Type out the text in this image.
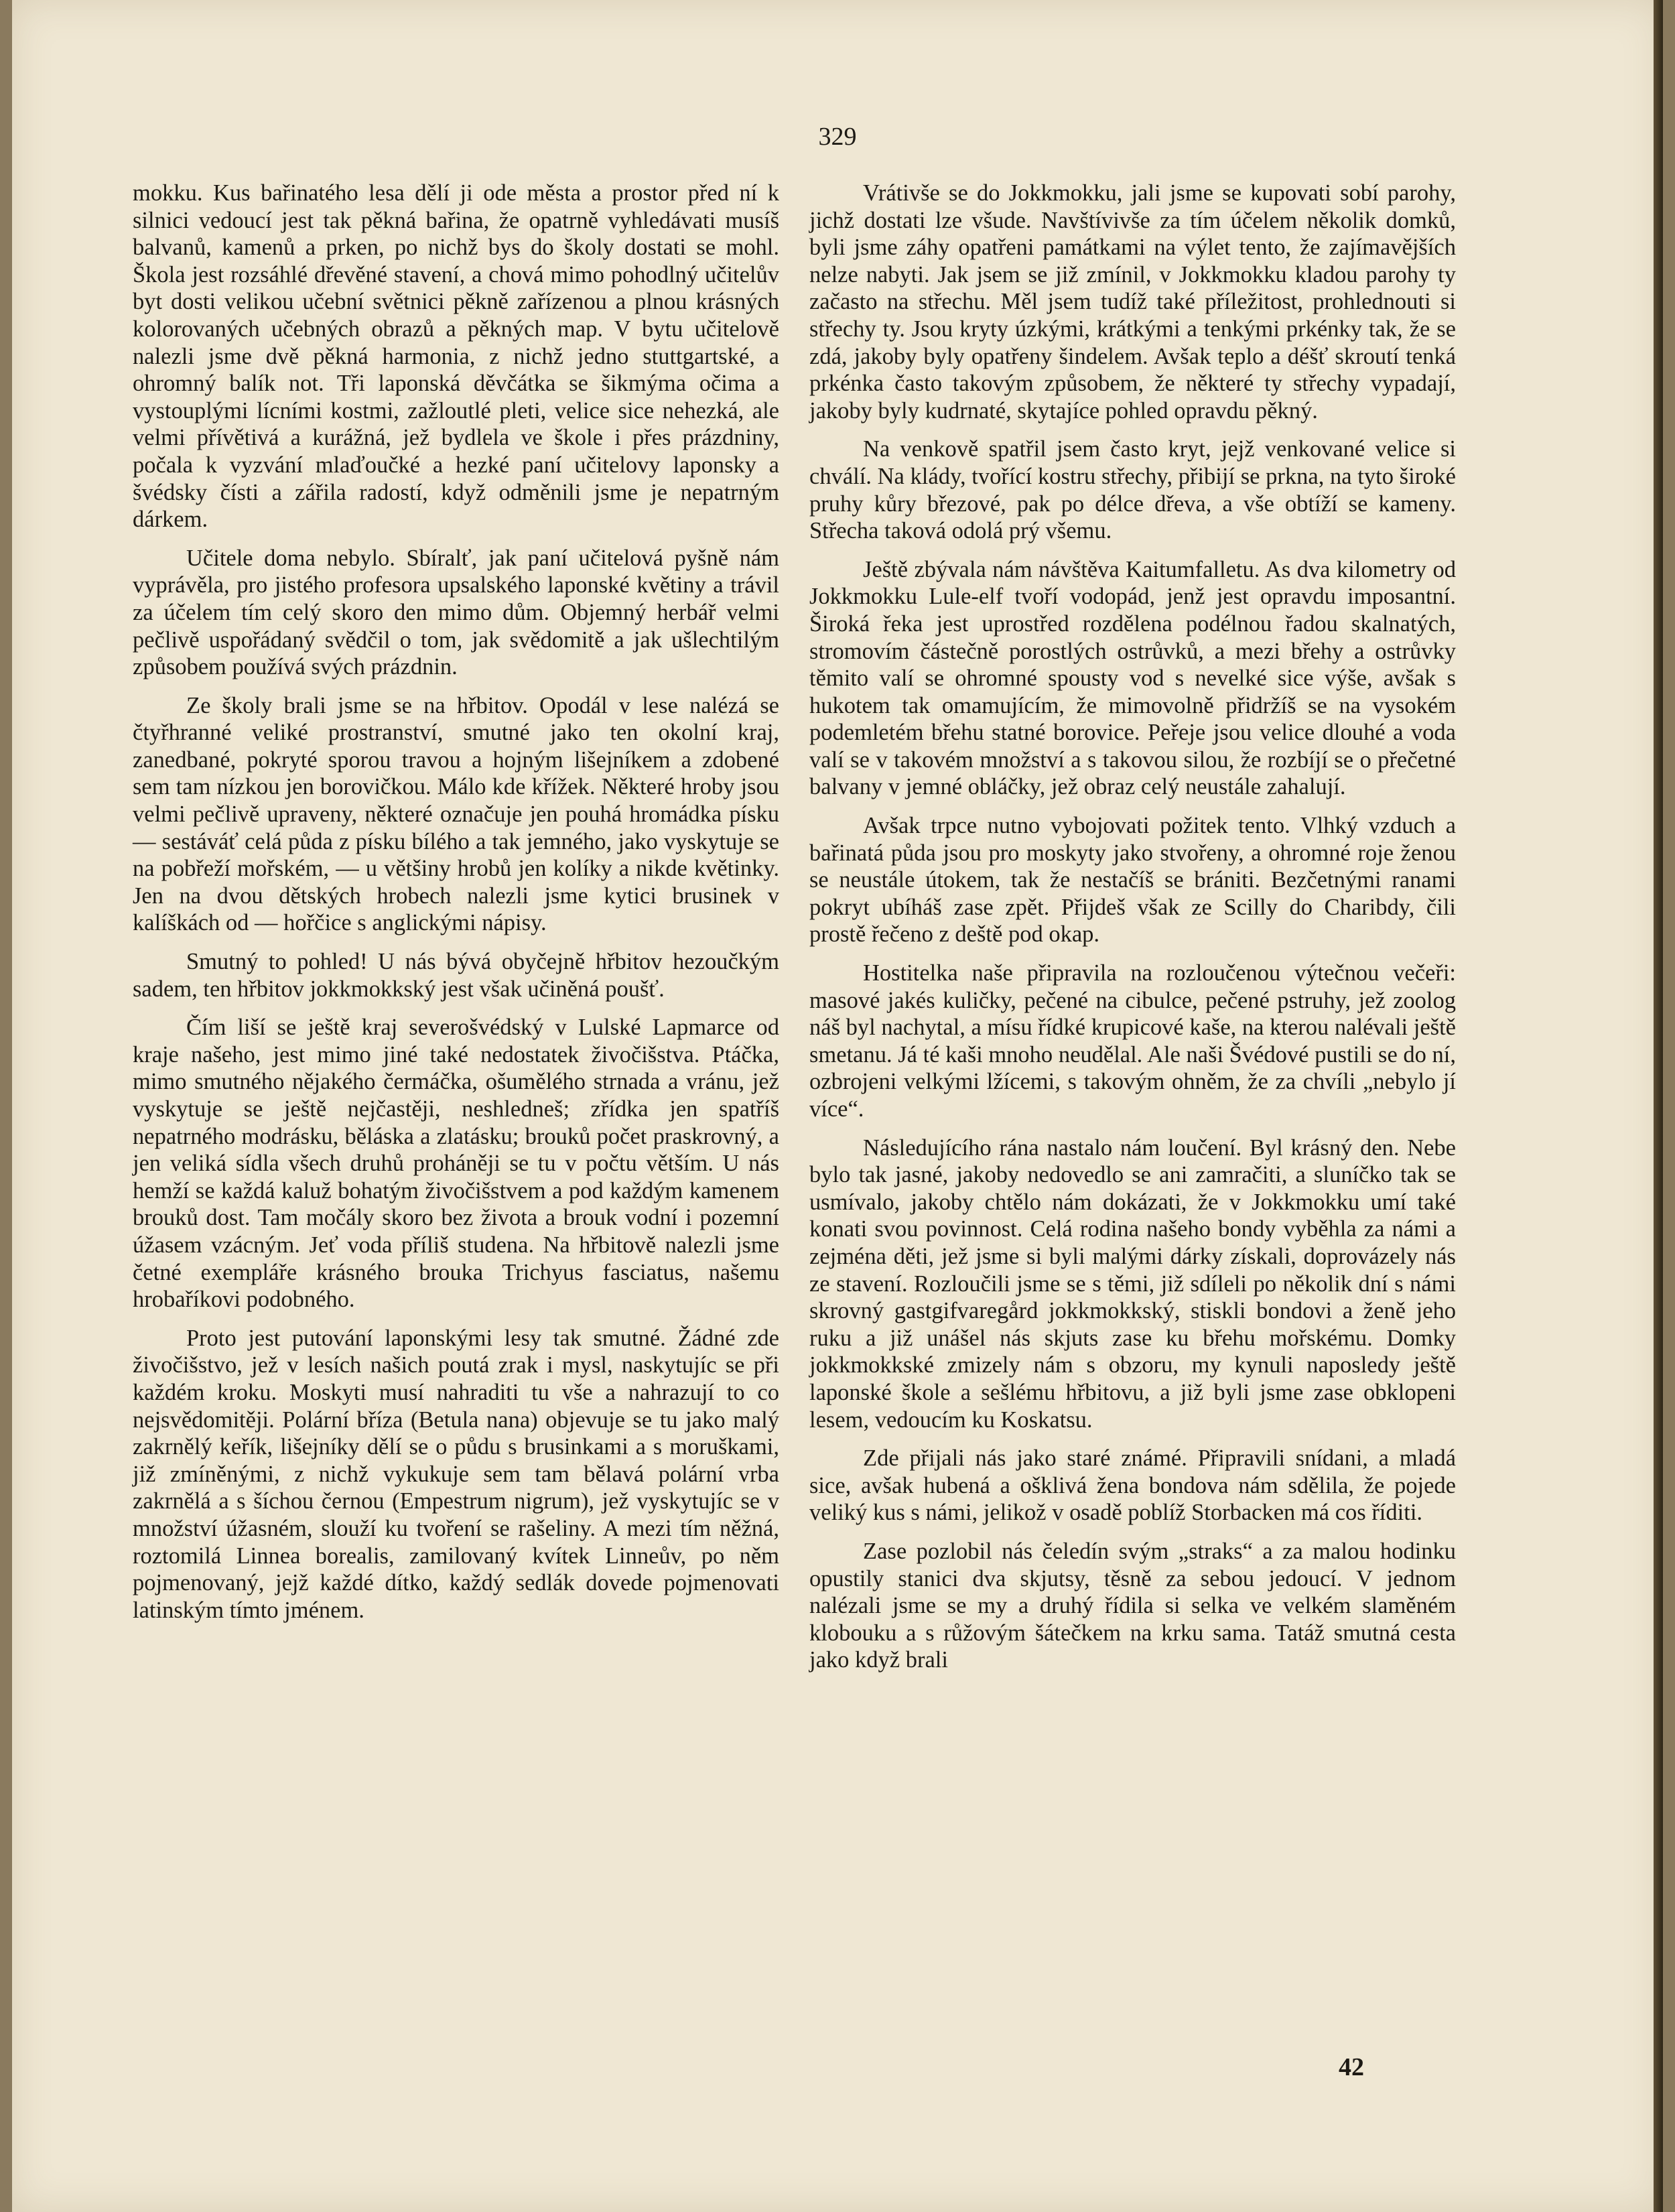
329

mokku. Kus bařinatého lesa dělí ji ode města a prostor před ní k silnici vedoucí jest tak pěkná bařina, že opatrně vyhledávati musíš balvanů, kamenů a prken, po nichž bys do školy dostati se mohl. Škola jest rozsáhlé dřevěné stavení, a chová mimo pohodlný učitelův byt dosti velikou učební světnici pěkně zařízenou a plnou krásných kolorovaných učebných obrazů a pěkných map. V bytu učitelově nalezli jsme dvě pěkná harmonia, z nichž jedno stuttgartské, a ohromný balík not. Tři laponská děvčátka se šikmýma očima a vystouplými lícními kostmi, zažloutlé pleti, velice sice nehezká, ale velmi přívětivá a kurážná, jež bydlela ve škole i přes prázdniny, počala k vyzvání mlaďoučké a hezké paní učitelovy laponsky a švédsky čísti a zářila radostí, když odměnili jsme je nepatrným dárkem.

Učitele doma nebylo. Sbíralť, jak paní učitelová pyšně nám vyprávěla, pro jistého profesora upsalského laponské květiny a trávil za účelem tím celý skoro den mimo dům. Objemný herbář velmi pečlivě uspořádaný svědčil o tom, jak svědomitě a jak ušlechtilým způsobem používá svých prázdnin.

Ze školy brali jsme se na hřbitov. Opodál v lese nalézá se čtyřhranné veliké prostranství, smutné jako ten okolní kraj, zanedbané, pokryté sporou travou a hojným lišejníkem a zdobené sem tam nízkou jen borovičkou. Málo kde křížek. Některé hroby jsou velmi pečlivě upraveny, některé označuje jen pouhá hromádka písku — sestáváť celá půda z písku bílého a tak jemného, jako vyskytuje se na pobřeží mořském, — u většiny hrobů jen kolíky a nikde květinky. Jen na dvou dětských hrobech nalezli jsme kytici brusinek v kalíškách od — hořčice s anglickými nápisy.

Smutný to pohled! U nás bývá obyčejně hřbitov hezoučkým sadem, ten hřbitov jokkmokkský jest však učiněná poušť.

Čím liší se ještě kraj severošvédský v Lulské Lapmarce od kraje našeho, jest mimo jiné také nedostatek živočišstva. Ptáčka, mimo smutného nějakého čermáčka, ošumělého strnada a vránu, jež vyskytuje se ještě nejčastěji, neshledneš; zřídka jen spatříš nepatrného modrásku, běláska a zlatásku; brouků počet praskrovný, a jen veliká sídla všech druhů proháněji se tu v počtu větším. U nás hemží se každá kaluž bohatým živočišstvem a pod každým kamenem brouků dost. Tam močály skoro bez života a brouk vodní i pozemní úžasem vzácným. Jeť voda příliš studena. Na hřbitově nalezli jsme četné exempláře krásného brouka Trichyus fasciatus, našemu hrobaříkovi podobného.

Proto jest putování laponskými lesy tak smutné. Žádné zde živočišstvo, jež v lesích našich poutá zrak i mysl, naskytujíc se při každém kroku. Moskyti musí nahraditi tu vše a nahrazují to co nejsvědomitěji. Polární bříza (Betula nana) objevuje se tu jako malý zakrnělý keřík, lišejníky dělí se o půdu s brusinkami a s moruškami, již zmíněnými, z nichž vykukuje sem tam bělavá polární vrba zakrnělá a s šíchou černou (Empestrum nigrum), jež vyskytujíc se v množství úžasném, slouží ku tvoření se rašeliny. A mezi tím něžná, roztomilá Linnea borealis, zamilovaný kvítek Linneův, po něm pojmenovaný, jejž každé dítko, každý sedlák dovede pojmenovati latinským tímto jménem.

Vrátivše se do Jokkmokku, jali jsme se kupovati sobí parohy, jichž dostati lze všude. Navštívivše za tím účelem několik domků, byli jsme záhy opatřeni památkami na výlet tento, že zajímavějších nelze nabyti. Jak jsem se již zmínil, v Jokkmokku kladou parohy ty začasto na střechu. Měl jsem tudíž také příležitost, prohlednouti si střechy ty. Jsou kryty úzkými, krátkými a tenkými prkénky tak, že se zdá, jakoby byly opatřeny šindelem. Avšak teplo a déšť skroutí tenká prkénka často takovým způsobem, že některé ty střechy vypadají, jakoby byly kudrnaté, skytajíce pohled opravdu pěkný.

Na venkově spatřil jsem často kryt, jejž venkované velice si chválí. Na klády, tvořící kostru střechy, přibijí se prkna, na tyto široké pruhy kůry březové, pak po délce dřeva, a vše obtíží se kameny. Střecha taková odolá prý všemu.

Ještě zbývala nám návštěva Kaitumfalletu. As dva kilometry od Jokkmokku Lule-elf tvoří vodopád, jenž jest opravdu imposantní. Široká řeka jest uprostřed rozdělena podélnou řadou skalnatých, stromovím částečně porostlých ostrůvků, a mezi břehy a ostrůvky těmito valí se ohromné spousty vod s nevelké sice výše, avšak s hukotem tak omamujícím, že mimovolně přidržíš se na vysokém podemletém břehu statné borovice. Peřeje jsou velice dlouhé a voda valí se v takovém množství a s takovou silou, že rozbíjí se o přečetné balvany v jemné obláčky, jež obraz celý neustále zahalují.

Avšak trpce nutno vybojovati požitek tento. Vlhký vzduch a bařinatá půda jsou pro moskyty jako stvořeny, a ohromné roje ženou se neustále útokem, tak že nestačíš se brániti. Bezčetnými ranami pokryt ubíháš zase zpět. Přijdeš však ze Scilly do Charibdy, čili prostě řečeno z deště pod okap.

Hostitelka naše připravila na rozloučenou výtečnou večeři: masové jakés kuličky, pečené na cibulce, pečené pstruhy, jež zoolog náš byl nachytal, a mísu řídké krupicové kaše, na kterou nalévali ještě smetanu. Já té kaši mnoho neudělal. Ale naši Švédové pustili se do ní, ozbrojeni velkými lžícemi, s takovým ohněm, že za chvíli „nebylo jí více“.

Následujícího rána nastalo nám loučení. Byl krásný den. Nebe bylo tak jasné, jakoby nedovedlo se ani zamračiti, a sluníčko tak se usmívalo, jakoby chtělo nám dokázati, že v Jokkmokku umí také konati svou povinnost. Celá rodina našeho bondy vyběhla za námi a zejména děti, jež jsme si byli malými dárky získali, doprovázely nás ze stavení. Rozloučili jsme se s těmi, již sdíleli po několik dní s námi skrovný gastgifvaregård jokkmokkský, stiskli bondovi a ženě jeho ruku a již unášel nás skjuts zase ku břehu mořskému. Domky jokkmokkské zmizely nám s obzoru, my kynuli naposledy ještě laponské škole a sešlému hřbitovu, a již byli jsme zase obklopeni lesem, vedoucím ku Koskatsu.

Zde přijali nás jako staré známé. Připravili snídani, a mladá sice, avšak hubená a ošklivá žena bondova nám sdělila, že pojede veliký kus s námi, jelikož v osadě poblíž Storbacken má cos říditi.

Zase pozlobil nás čeledín svým „straks“ a za malou hodinku opustily stanici dva skjutsy, těsně za sebou jedoucí. V jednom nalézali jsme se my a druhý řídila si selka ve velkém slaměném klobouku a s růžovým šátečkem na krku sama. Tatáž smutná cesta jako když brali

42
